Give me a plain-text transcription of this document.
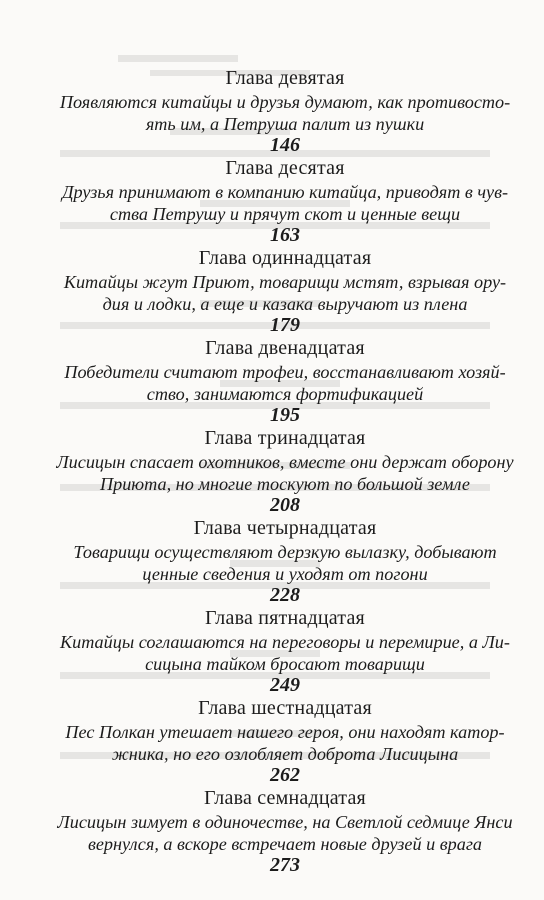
Глава девятая
Появляются китайцы и друзья думают, как противосто-
ять им, а Петруша палит из пушки
146
Глава десятая
Друзья принимают в компанию китайца, приводят в чув-
ства Петрушу и прячут скот и ценные вещи
163
Глава одиннадцатая
Китайцы жгут Приют, товарищи мстят, взрывая ору-
дия и лодки, а еще и казака выручают из плена
179
Глава двенадцатая
Победители считают трофеи, восстанавливают хозяй-
ство, занимаются фортификацией
195
Глава тринадцатая
Лисицын спасает охотников, вместе они держат оборону
Приюта, но многие тоскуют по большой земле
208
Глава четырнадцатая
Товарищи осуществляют дерзкую вылазку, добывают
ценные сведения и уходят от погони
228
Глава пятнадцатая
Китайцы соглашаются на переговоры и перемирие, а Ли-
сицына тайком бросают товарищи
249
Глава шестнадцатая
Пес Полкан утешает нашего героя, они находят катор-
жника, но его озлобляет доброта Лисицына
262
Глава семнадцатая
Лисицын зимует в одиночестве, на Светлой седмице Янси
вернулся, а вскоре встречает новые друзей и врага
273
